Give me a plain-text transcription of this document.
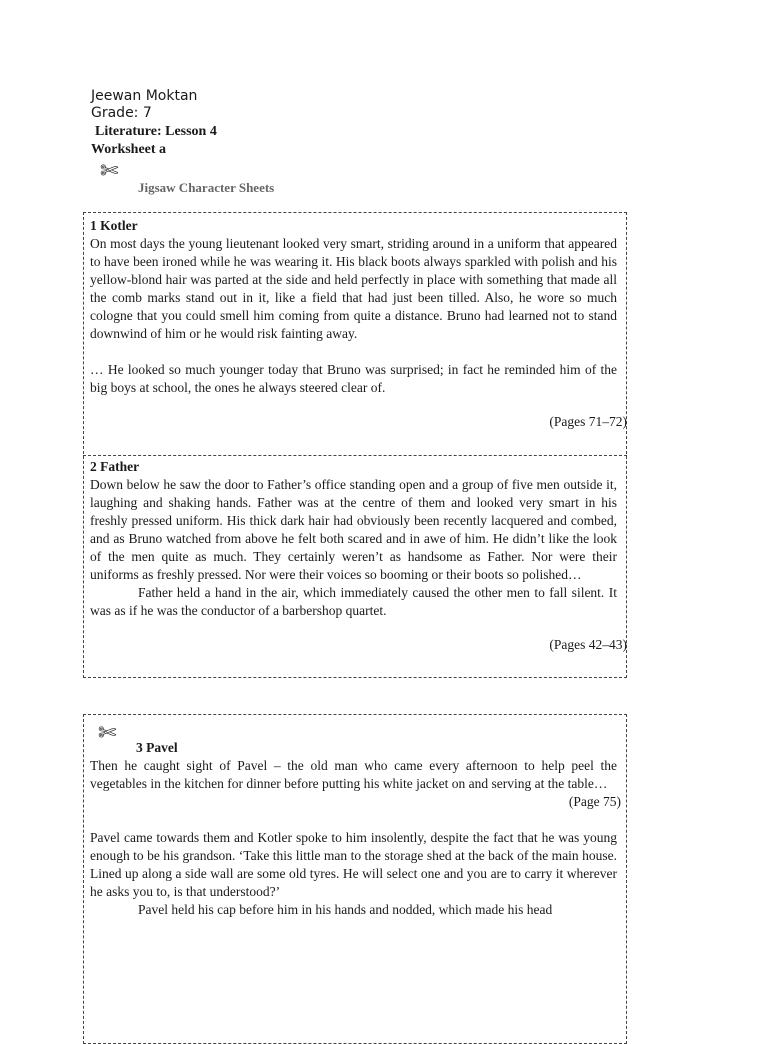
Jeewan Moktan
Grade: 7
Literature: Lesson 4
Worksheet a
✄
Jigsaw Character Sheets
1 Kotler
On most days the young lieutenant looked very smart, striding around in a uniform that appeared to have been ironed while he was wearing it. His black boots always sparkled with polish and his yellow-blond hair was parted at the side and held perfectly in place with something that made all the comb marks stand out in it, like a field that had just been tilled. Also, he wore so much cologne that you could smell him coming from quite a distance. Bruno had learned not to stand downwind of him or he would risk fainting away.
… He looked so much younger today that Bruno was surprised; in fact he reminded him of the big boys at school, the ones he always steered clear of.
(Pages 71–72)
2 Father
Down below he saw the door to Father’s office standing open and a group of five men outside it, laughing and shaking hands. Father was at the centre of them and looked very smart in his freshly pressed uniform. His thick dark hair had obviously been recently lacquered and combed, and as Bruno watched from above he felt both scared and in awe of him. He didn’t like the look of the men quite as much. They certainly weren’t as handsome as Father. Nor were their uniforms as freshly pressed. Nor were their voices so booming or their boots so polished…
Father held a hand in the air, which immediately caused the other men to fall silent. It was as if he was the conductor of a barbershop quartet.
(Pages 42–43)
✄
3 Pavel
Then he caught sight of Pavel – the old man who came every afternoon to help peel the vegetables in the kitchen for dinner before putting his white jacket on and serving at the table…
(Page 75)
Pavel came towards them and Kotler spoke to him insolently, despite the fact that he was young enough to be his grandson. ‘Take this little man to the storage shed at the back of the main house. Lined up along a side wall are some old tyres. He will select one and you are to carry it wherever he asks you to, is that understood?’
Pavel held his cap before him in his hands and nodded, which made his head
